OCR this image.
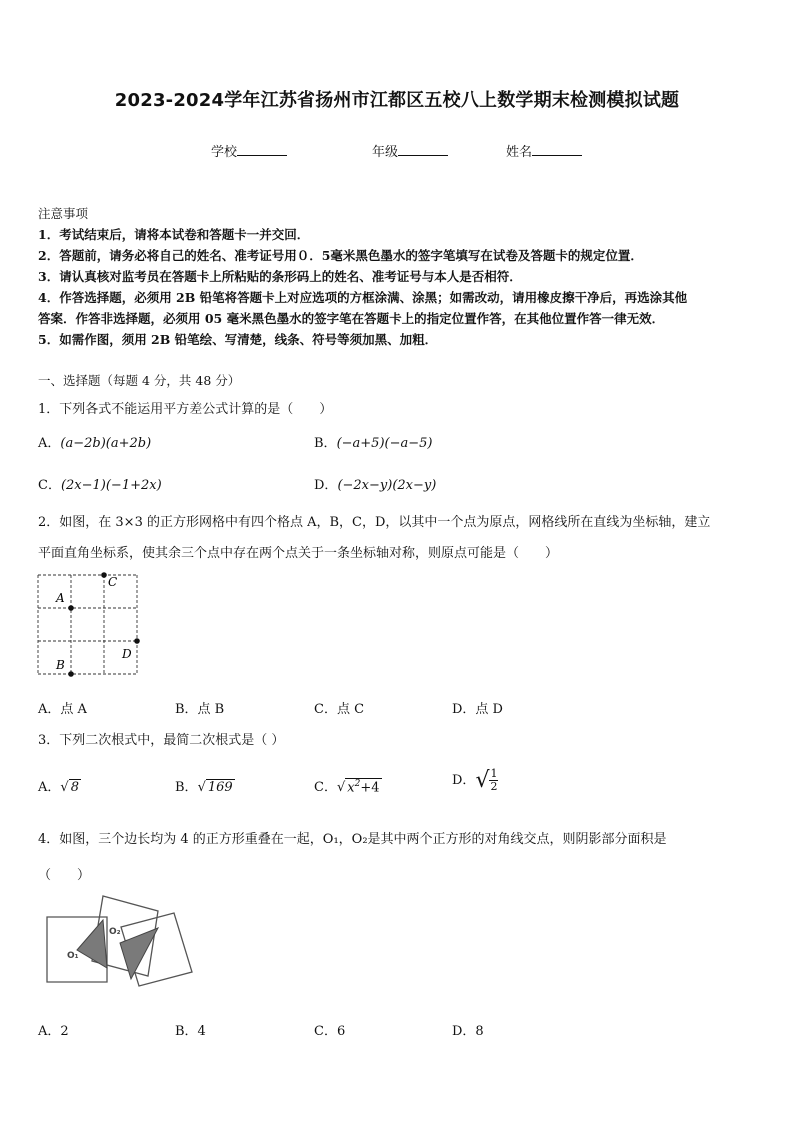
2023-2024学年江苏省扬州市江都区五校八上数学期末检测模拟试题
学校	年级	姓名
注意事项
1．考试结束后，请将本试卷和答题卡一并交回．
2．答题前，请务必将自己的姓名、准考证号用０．5毫米黑色墨水的签字笔填写在试卷及答题卡的规定位置．
3．请认真核对监考员在答题卡上所粘贴的条形码上的姓名、准考证号与本人是否相符．
4．作答选择题，必须用 2B 铅笔将答题卡上对应选项的方框涂满、涂黑；如需改动，请用橡皮擦干净后，再选涂其他
答案．作答非选择题，必须用 05 毫米黑色墨水的签字笔在答题卡上的指定位置作答，在其他位置作答一律无效．
5．如需作图，须用 2B 铅笔绘、写清楚，线条、符号等须加黑、加粗．
一、选择题（每题 4 分，共 48 分）
1．下列各式不能运用平方差公式计算的是（　　）
A．(a−2b)(a+2b)	B．(−a+5)(−a−5)
C．(2x−1)(−1+2x)	D．(−2x−y)(2x−y)
2．如图，在 3×3 的正方形网格中有四个格点 A，B，C，D，以其中一个点为原点，网格线所在直线为坐标轴，建立
平面直角坐标系，使其余三个点中存在两个点关于一条坐标轴对称，则原点可能是（　　）
C
A
D
B
A．点 A	B．点 B	C．点 C	D．点 D
3．下列二次根式中，最简二次根式是（ ）
A．√ 8	B．√ 169	C．√ $x^2+4$	D．√ $\frac{1}{2}$
4．如图，三个边长均为 4 的正方形重叠在一起，O₁，O₂是其中两个正方形的对角线交点，则阴影部分面积是
（　　）
O₁
O₂
A．2	B．4	C．6	D．8
